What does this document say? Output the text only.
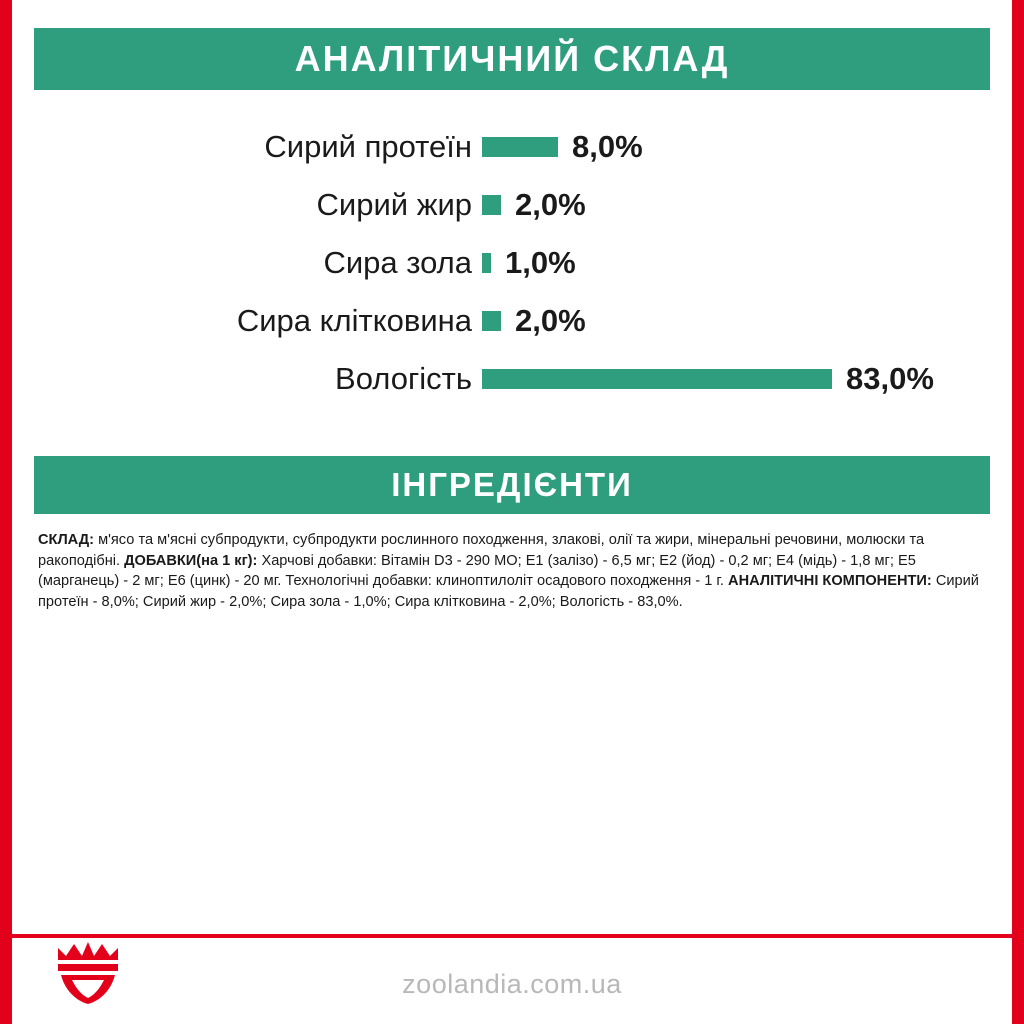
АНАЛІТИЧНИЙ СКЛАД
Сирий протеїн	8,0%
Сирий жир	2,0%
Сира зола	1,0%
Сира клітковина	2,0%
Вологість	83,0%
ІНГРЕДІЄНТИ
СКЛАД: м'ясо та м'ясні субпродукти, субпродукти рослинного походження, злакові, олії та жири, мінеральні речовини, молюски та ракоподібні. ДОБАВКИ(на 1 кг): Харчові добавки: Вітамін D3 - 290 МО; Е1 (залізо) - 6,5 мг; Е2 (йод) - 0,2 мг; Е4 (мідь) - 1,8 мг; Е5 (марганець) - 2 мг; Е6 (цинк) - 20 мг. Технологічні добавки: клиноптилоліт осадового походження - 1 г. АНАЛІТИЧНІ КОМПОНЕНТИ: Сирий протеїн - 8,0%; Сирий жир - 2,0%; Сира зола - 1,0%; Сира клітковина - 2,0%; Вологість - 83,0%.
zoolandia.com.ua
